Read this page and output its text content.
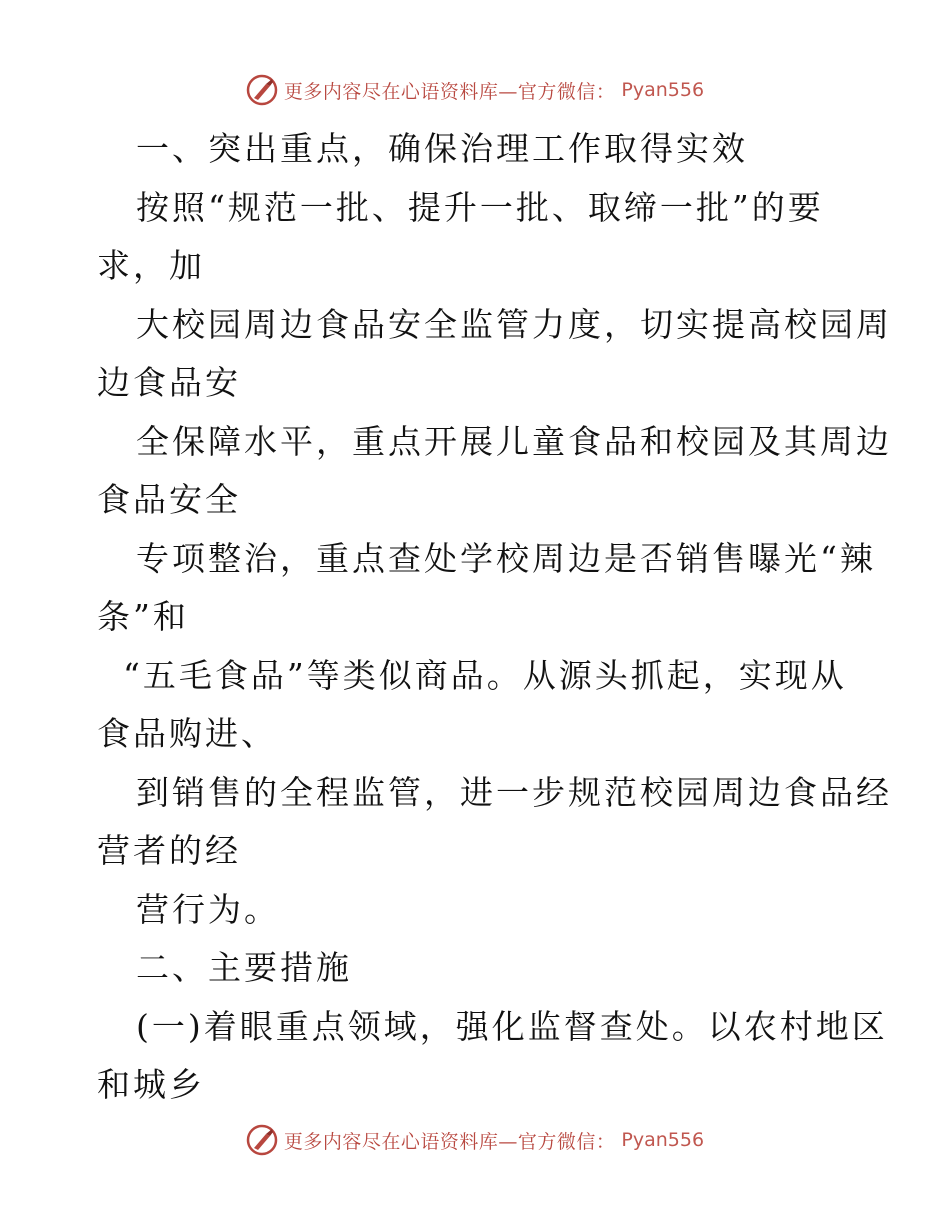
更多内容尽在心语资料库—官方微信： Pyan556
一、突出重点，确保治理工作取得实效
按照“规范一批、提升一批、取缔一批”的要
求，加
大校园周边食品安全监管力度，切实提高校园周
边食品安
全保障水平，重点开展儿童食品和校园及其周边
食品安全
专项整治，重点查处学校周边是否销售曝光“辣
条”和
“五毛食品”等类似商品。从源头抓起，实现从
食品购进、
到销售的全程监管，进一步规范校园周边食品经
营者的经
营行为。
二、主要措施
(一)着眼重点领域，强化监督查处。以农村地区
和城乡
更多内容尽在心语资料库—官方微信： Pyan556
